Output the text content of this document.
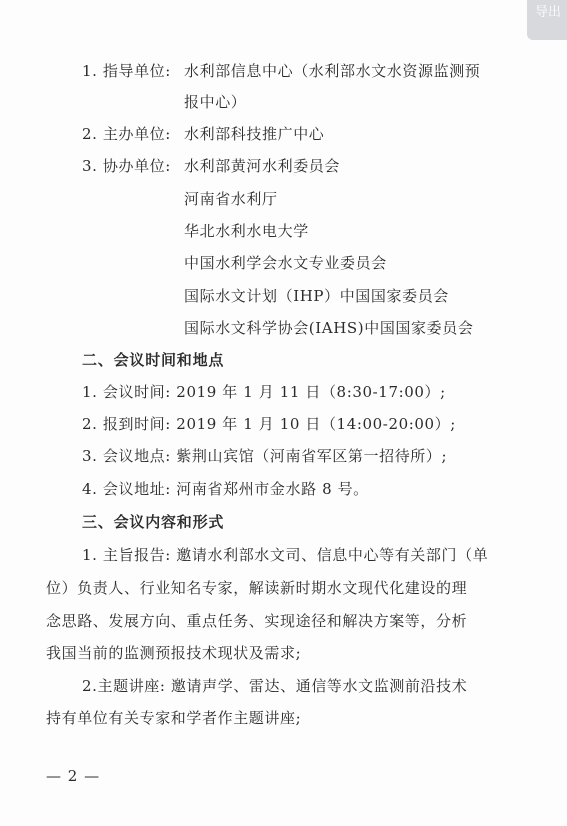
导出
1. 指导单位: 水利部信息中心（水利部水文水资源监测预
报中心）
2. 主办单位: 水利部科技推广中心
3. 协办单位: 水利部黄河水利委员会
河南省水利厅
华北水利水电大学
中国水利学会水文专业委员会
国际水文计划（IHP）中国国家委员会
国际水文科学协会(IAHS)中国国家委员会
二、会议时间和地点
1. 会议时间: 2019 年 1 月 11 日（8:30-17:00）;
2. 报到时间: 2019 年 1 月 10 日（14:00-20:00）;
3. 会议地点: 紫荆山宾馆（河南省军区第一招待所）;
4. 会议地址: 河南省郑州市金水路 8 号。
三、会议内容和形式
1. 主旨报告: 邀请水利部水文司、信息中心等有关部门（单
位）负责人、行业知名专家，解读新时期水文现代化建设的理
念思路、发展方向、重点任务、实现途径和解决方案等，分析
我国当前的监测预报技术现状及需求;
2.主题讲座: 邀请声学、雷达、通信等水文监测前沿技术
持有单位有关专家和学者作主题讲座;
— 2 —
